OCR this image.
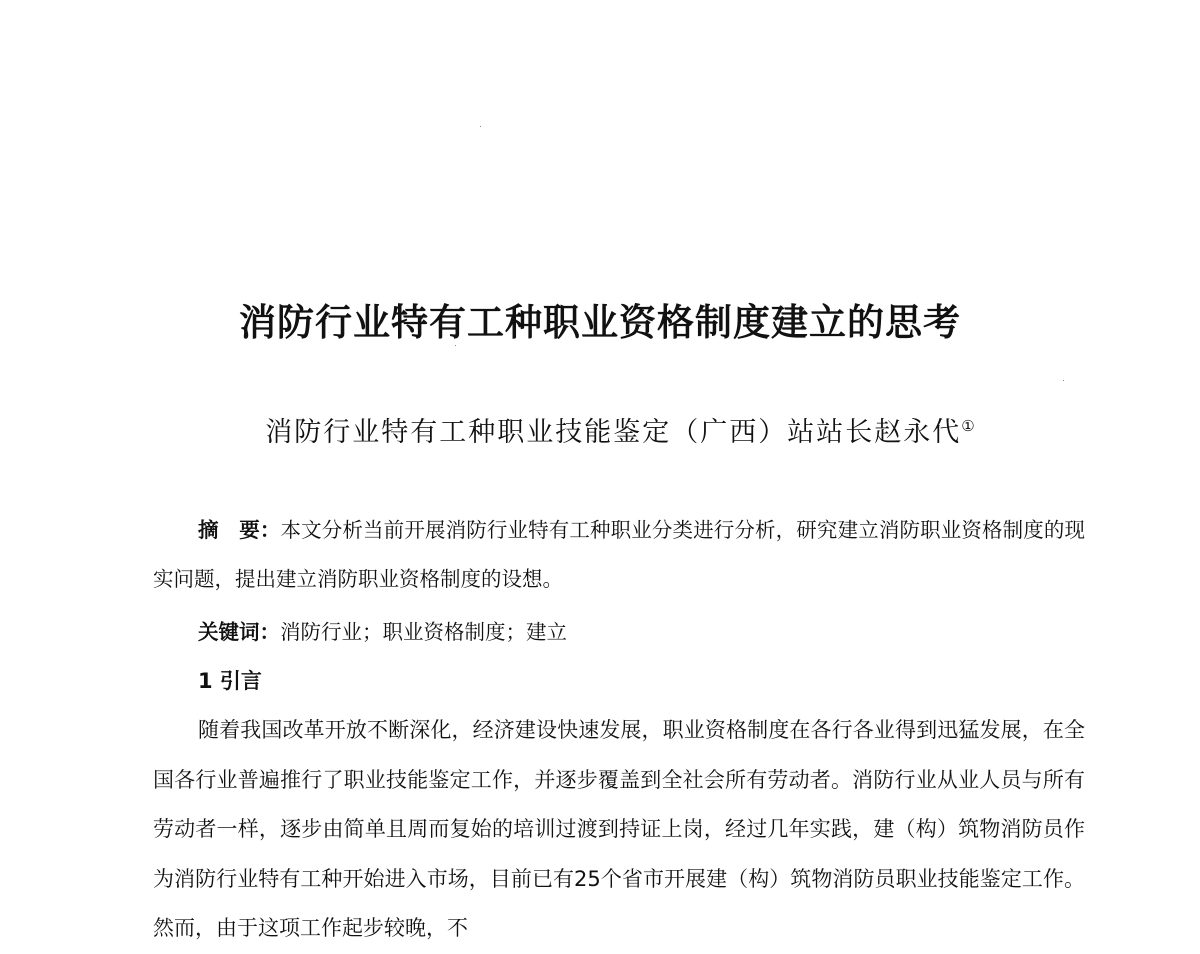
消防行业特有工种职业资格制度建立的思考

消防行业特有工种职业技能鉴定（广西）站站长赵永代①

摘　要：本文分析当前开展消防行业特有工种职业分类进行分析，研究建立消防职业资格制度的现实问题，提出建立消防职业资格制度的设想。

关键词：消防行业；职业资格制度；建立

1 引言

随着我国改革开放不断深化，经济建设快速发展，职业资格制度在各行各业得到迅猛发展，在全国各行业普遍推行了职业技能鉴定工作，并逐步覆盖到全社会所有劳动者。消防行业从业人员与所有劳动者一样，逐步由简单且周而复始的培训过渡到持证上岗，经过几年实践，建（构）筑物消防员作为消防行业特有工种开始进入市场，目前已有25个省市开展建（构）筑物消防员职业技能鉴定工作。然而，由于这项工作起步较晚，不
